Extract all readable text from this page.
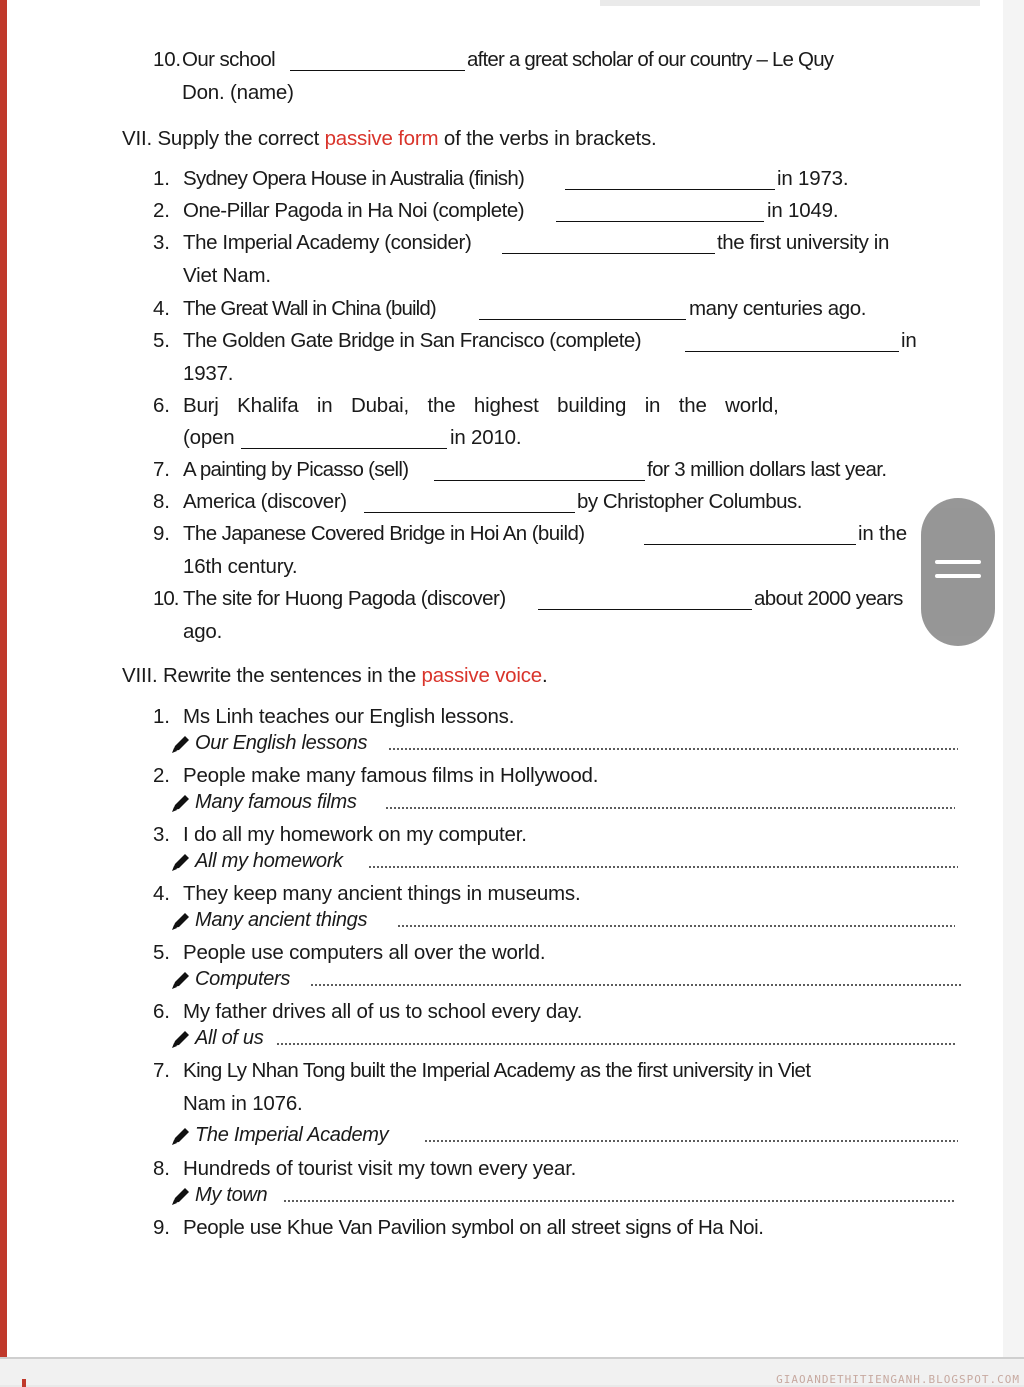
10. Our school	after a great scholar of our country – Le Quy
Don. (name)
VII. Supply the correct passive form of the verbs in brackets.
1. Sydney Opera House in Australia (finish)	in 1973.
2. One-Pillar Pagoda in Ha Noi (complete)	in 1049.
3. The Imperial Academy (consider)	the first university in
Viet Nam.
4. The Great Wall in China (build)	many centuries ago.
5. The Golden Gate Bridge in San Francisco (complete)	in
1937.
6. Burj Khalifa in Dubai, the highest building in the world,
(open	in 2010.
7. A painting by Picasso (sell)	for 3 million dollars last year.
8. America (discover)	by Christopher Columbus.
9. The Japanese Covered Bridge in Hoi An (build)	in the
16th century.
10. The site for Huong Pagoda (discover)	about 2000 years
ago.
VIII. Rewrite the sentences in the passive voice.
1. Ms Linh teaches our English lessons.
Our English lessons
2. People make many famous films in Hollywood.
Many famous films
3. I do all my homework on my computer.
All my homework
4. They keep many ancient things in museums.
Many ancient things
5. People use computers all over the world.
Computers
6. My father drives all of us to school every day.
All of us
7. King Ly Nhan Tong built the Imperial Academy as the first university in Viet
Nam in 1076.
The Imperial Academy
8. Hundreds of tourist visit my town every year.
My town
9. People use Khue Van Pavilion symbol on all street signs of Ha Noi.
GIAOANDETHITIENGANH.BLOGSPOT.COM
